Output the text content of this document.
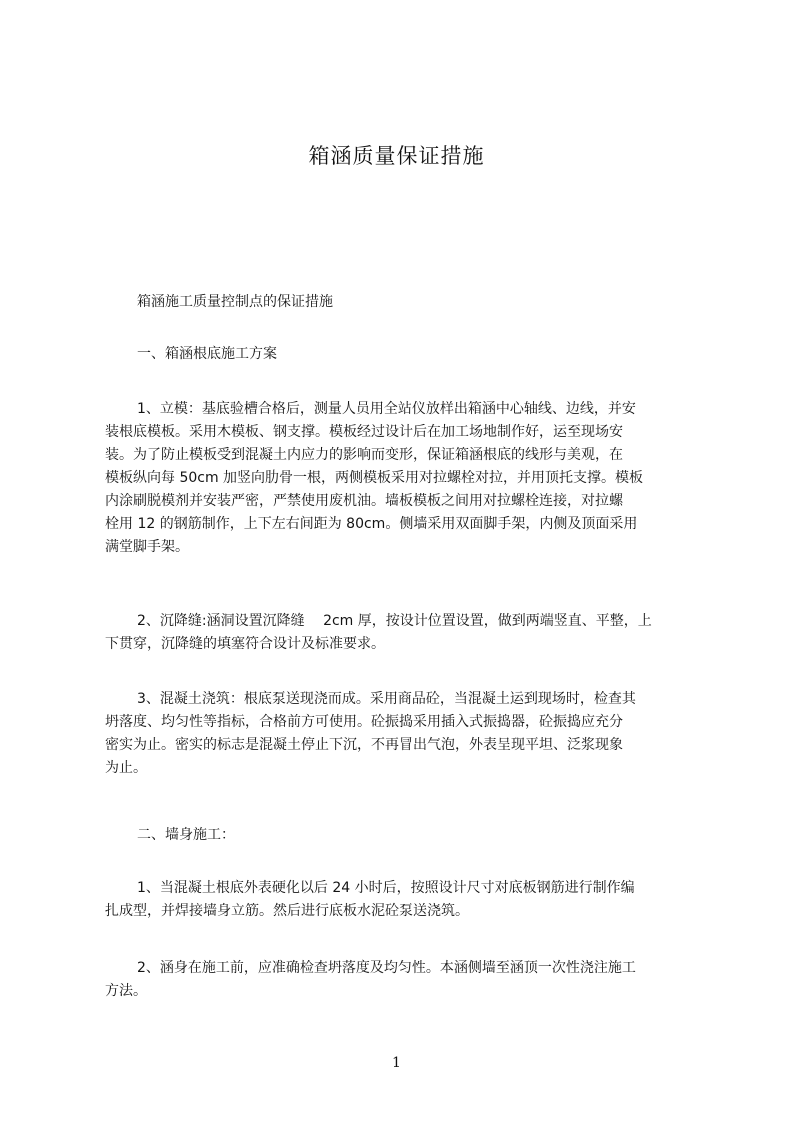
箱涵质量保证措施
箱涵施工质量控制点的保证措施
一、箱涵根底施工方案
1、立模：基底验槽合格后，测量人员用全站仪放样出箱涵中心轴线、边线，并安
装根底模板。采用木模板、钢支撑。模板经过设计后在加工场地制作好，运至现场安
装。为了防止模板受到混凝土内应力的影响而变形，保证箱涵根底的线形与美观，在
模板纵向每 50cm 加竖向肋骨一根，两侧模板采用对拉螺栓对拉，并用顶托支撑。模板
内涂刷脱模剂并安装严密，严禁使用废机油。墙板模板之间用对拉螺栓连接，对拉螺
栓用 12 的钢筋制作，上下左右间距为 80cm。侧墙采用双面脚手架，内侧及顶面采用
满堂脚手架。
2、沉降缝:涵洞设置沉降缝　 2cm 厚，按设计位置设置，做到两端竖直、平整，上
下贯穿，沉降缝的填塞符合设计及标准要求。
3、混凝土浇筑：根底泵送现浇而成。采用商品砼，当混凝土运到现场时，检查其
坍落度、均匀性等指标，合格前方可使用。砼振捣采用插入式振捣器，砼振捣应充分
密实为止。密实的标志是混凝土停止下沉，不再冒出气泡，外表呈现平坦、泛浆现象
为止。
二、墙身施工：
1、当混凝土根底外表硬化以后 24 小时后，按照设计尺寸对底板钢筋进行制作编
扎成型，并焊接墙身立筋。然后进行底板水泥砼泵送浇筑。
2、涵身在施工前，应准确检查坍落度及均匀性。本涵侧墙至涵顶一次性浇注施工
方法。
1
